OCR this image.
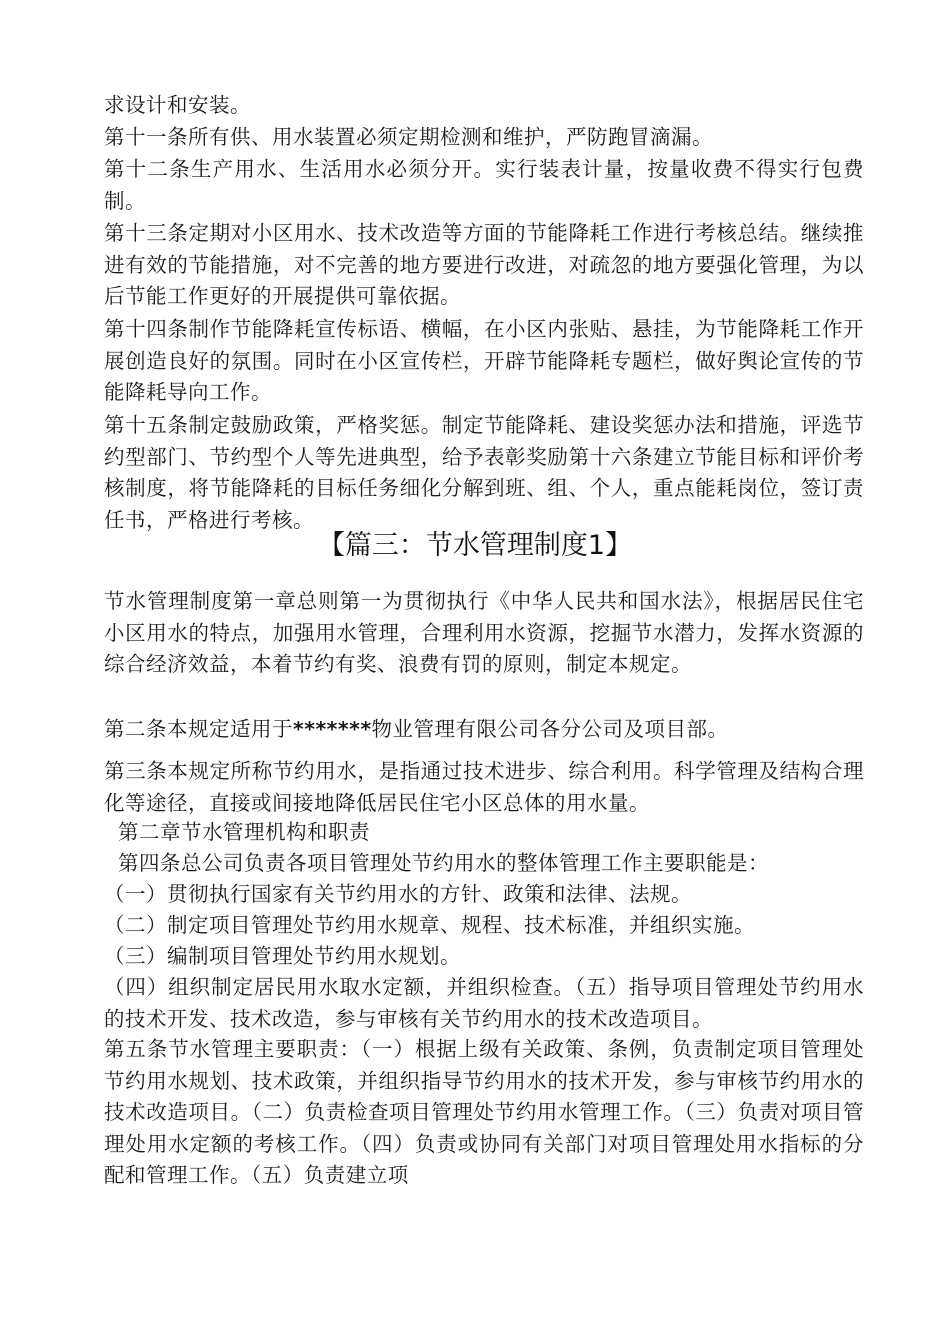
求设计和安装。

第十一条所有供、用水装置必须定期检测和维护，严防跑冒滴漏。

第十二条生产用水、生活用水必须分开。实行装表计量，按量收费不得实行包费制。

第十三条定期对小区用水、技术改造等方面的节能降耗工作进行考核总结。继续推进有效的节能措施，对不完善的地方要进行改进，对疏忽的地方要强化管理，为以后节能工作更好的开展提供可靠依据。

第十四条制作节能降耗宣传标语、横幅，在小区内张贴、悬挂，为节能降耗工作开展创造良好的氛围。同时在小区宣传栏，开辟节能降耗专题栏，做好舆论宣传的节能降耗导向工作。

第十五条制定鼓励政策，严格奖惩。制定节能降耗、建设奖惩办法和措施，评选节约型部门、节约型个人等先进典型，给予表彰奖励第十六条建立节能目标和评价考核制度，将节能降耗的目标任务细化分解到班、组、个人，重点能耗岗位，签订责任书，严格进行考核。

【篇三：节水管理制度1】

节水管理制度第一章总则第一为贯彻执行《中华人民共和国水法》，根据居民住宅小区用水的特点，加强用水管理，合理利用水资源，挖掘节水潜力，发挥水资源的综合经济效益，本着节约有奖、浪费有罚的原则，制定本规定。

第二条本规定适用于*******物业管理有限公司各分公司及项目部。

第三条本规定所称节约用水，是指通过技术进步、综合利用。科学管理及结构合理化等途径，直接或间接地降低居民住宅小区总体的用水量。

第二章节水管理机构和职责

第四条总公司负责各项目管理处节约用水的整体管理工作主要职能是：

（一）贯彻执行国家有关节约用水的方针、政策和法律、法规。

（二）制定项目管理处节约用水规章、规程、技术标准，并组织实施。

（三）编制项目管理处节约用水规划。

（四）组织制定居民用水取水定额，并组织检查。（五）指导项目管理处节约用水的技术开发、技术改造，参与审核有关节约用水的技术改造项目。

第五条节水管理主要职责：（一）根据上级有关政策、条例，负责制定项目管理处节约用水规划、技术政策，并组织指导节约用水的技术开发，参与审核节约用水的技术改造项目。（二）负责检查项目管理处节约用水管理工作。（三）负责对项目管理处用水定额的考核工作。（四）负责或协同有关部门对项目管理处用水指标的分配和管理工作。（五）负责建立项
